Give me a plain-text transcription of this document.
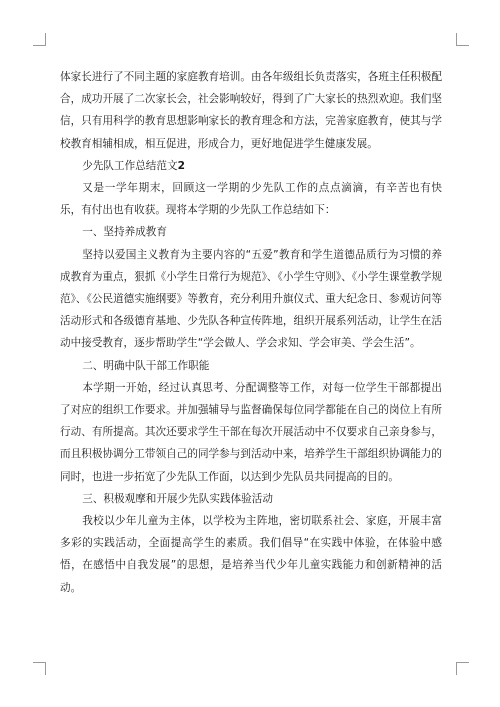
体家长进行了不同主题的家庭教育培训。由各年级组长负责落实，各班主任积极配合，成功开展了二次家长会，社会影响较好，得到了广大家长的热烈欢迎。我们坚信，只有用科学的教育思想影响家长的教育理念和方法，完善家庭教育，使其与学校教育相辅相成，相互促进，形成合力，更好地促进学生健康发展。

少先队工作总结范文2

又是一学年期末，回顾这一学期的少先队工作的点点滴滴，有辛苦也有快乐，有付出也有收获。现将本学期的少先队工作总结如下：

一、坚持养成教育

坚持以爱国主义教育为主要内容的“五爱”教育和学生道德品质行为习惯的养成教育为重点，狠抓《小学生日常行为规范》、《小学生守则》、《小学生课堂教学规范》、《公民道德实施纲要》等教育，充分利用升旗仪式、重大纪念日、参观访问等活动形式和各级德育基地、少先队各种宣传阵地，组织开展系列活动，让学生在活动中接受教育，逐步帮助学生“学会做人、学会求知、学会审美、学会生活”。

二、明确中队干部工作职能

本学期一开始，经过认真思考、分配调整等工作，对每一位学生干部都提出了对应的组织工作要求。并加强辅导与监督确保每位同学都能在自己的岗位上有所行动、有所提高。其次还要求学生干部在每次开展活动中不仅要求自己亲身参与，而且积极协调分工带领自己的同学参与到活动中来，培养学生干部组织协调能力的同时，也进一步拓宽了少先队工作面，以达到少先队员共同提高的目的。

三、积极观摩和开展少先队实践体验活动

我校以少年儿童为主体，以学校为主阵地，密切联系社会、家庭，开展丰富多彩的实践活动，全面提高学生的素质。我们倡导“在实践中体验，在体验中感悟，在感悟中自我发展”的思想，是培养当代少年儿童实践能力和创新精神的活动。
